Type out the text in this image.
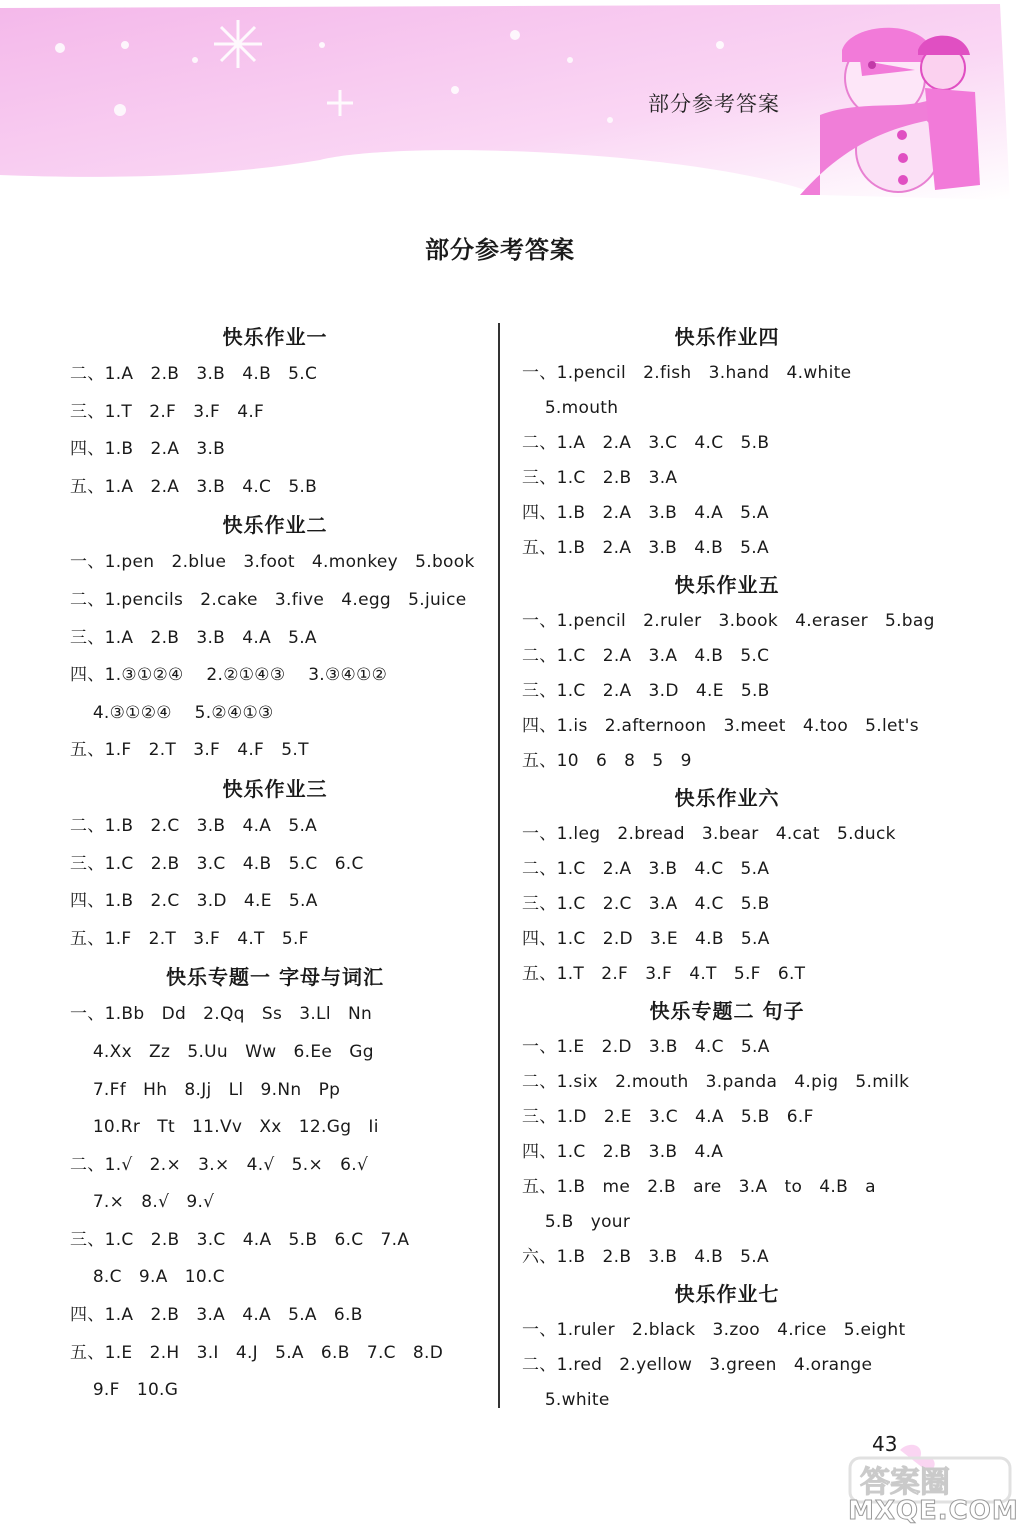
部分参考答案
部分参考答案
快乐作业一
二、1.A   2.B   3.B   4.B   5.C
三、1.T   2.F   3.F   4.F
四、1.B   2.A   3.B
五、1.A   2.A   3.B   4.C   5.B
快乐作业二
一、1.pen   2.blue   3.foot   4.monkey   5.book
二、1.pencils   2.cake   3.five   4.egg   5.juice
三、1.A   2.B   3.B   4.A   5.A
四、1.③①②④    2.②①④③    3.③④①②
4.③①②④    5.②④①③
五、1.F   2.T   3.F   4.F   5.T
快乐作业三
二、1.B   2.C   3.B   4.A   5.A
三、1.C   2.B   3.C   4.B   5.C   6.C
四、1.B   2.C   3.D   4.E   5.A
五、1.F   2.T   3.F   4.T   5.F
快乐专题一 字母与词汇
一、1.Bb   Dd   2.Qq   Ss   3.Ll   Nn
4.Xx   Zz   5.Uu   Ww   6.Ee   Gg
7.Ff   Hh   8.Jj   Ll   9.Nn   Pp
10.Rr   Tt   11.Vv   Xx   12.Gg   Ii
二、1.√   2.×   3.×   4.√   5.×   6.√
7.×   8.√   9.√
三、1.C   2.B   3.C   4.A   5.B   6.C   7.A
8.C   9.A   10.C
四、1.A   2.B   3.A   4.A   5.A   6.B
五、1.E   2.H   3.I   4.J   5.A   6.B   7.C   8.D
9.F   10.G
快乐作业四
一、1.pencil   2.fish   3.hand   4.white
5.mouth
二、1.A   2.A   3.C   4.C   5.B
三、1.C   2.B   3.A
四、1.B   2.A   3.B   4.A   5.A
五、1.B   2.A   3.B   4.B   5.A
快乐作业五
一、1.pencil   2.ruler   3.book   4.eraser   5.bag
二、1.C   2.A   3.A   4.B   5.C
三、1.C   2.A   3.D   4.E   5.B
四、1.is   2.afternoon   3.meet   4.too   5.let's
五、10   6   8   5   9
快乐作业六
一、1.leg   2.bread   3.bear   4.cat   5.duck
二、1.C   2.A   3.B   4.C   5.A
三、1.C   2.C   3.A   4.C   5.B
四、1.C   2.D   3.E   4.B   5.A
五、1.T   2.F   3.F   4.T   5.F   6.T
快乐专题二 句子
一、1.E   2.D   3.B   4.C   5.A
二、1.six   2.mouth   3.panda   4.pig   5.milk
三、1.D   2.E   3.C   4.A   5.B   6.F
四、1.C   2.B   3.B   4.A
五、1.B   me   2.B   are   3.A   to   4.B   a
5.B   your
六、1.B   2.B   3.B   4.B   5.A
快乐作业七
一、1.ruler   2.black   3.zoo   4.rice   5.eight
二、1.red   2.yellow   3.green   4.orange
5.white
43
答案圈
MXQE.COM
